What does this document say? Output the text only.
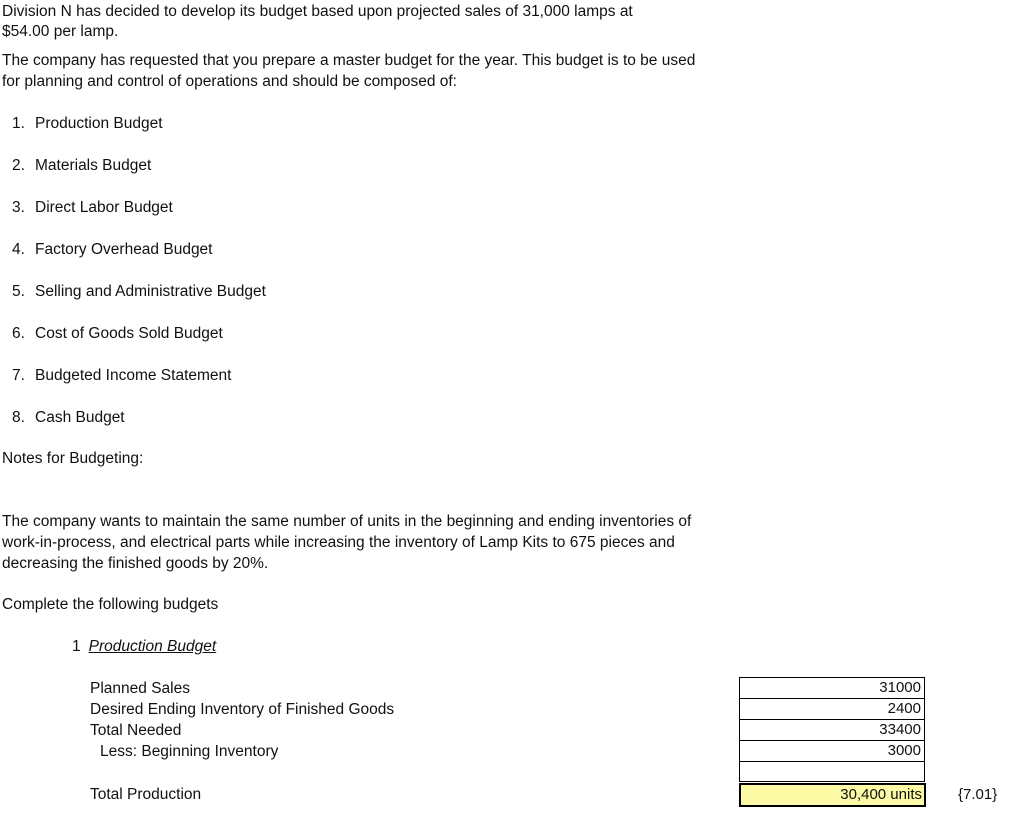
Division N has decided to develop its budget based upon projected sales of 31,000 lamps at
$54.00 per lamp.
The company has requested that you prepare a master budget for the year. This budget is to be used
for planning and control of operations and should be composed of:
1. Production Budget
2. Materials Budget
3. Direct Labor Budget
4. Factory Overhead Budget
5. Selling and Administrative Budget
6. Cost of Goods Sold Budget
7. Budgeted Income Statement
8. Cash Budget
Notes for Budgeting:
The company wants to maintain the same number of units in the beginning and ending inventories of
work-in-process, and electrical parts while increasing the inventory of Lamp Kits to 675 pieces and
decreasing the finished goods by 20%.
Complete the following budgets
1 Production Budget
Planned Sales
Desired Ending Inventory of Finished Goods
Total Needed
Less: Beginning Inventory
Total Production
31000
2400
33400
3000
30,400 units {7.01}
